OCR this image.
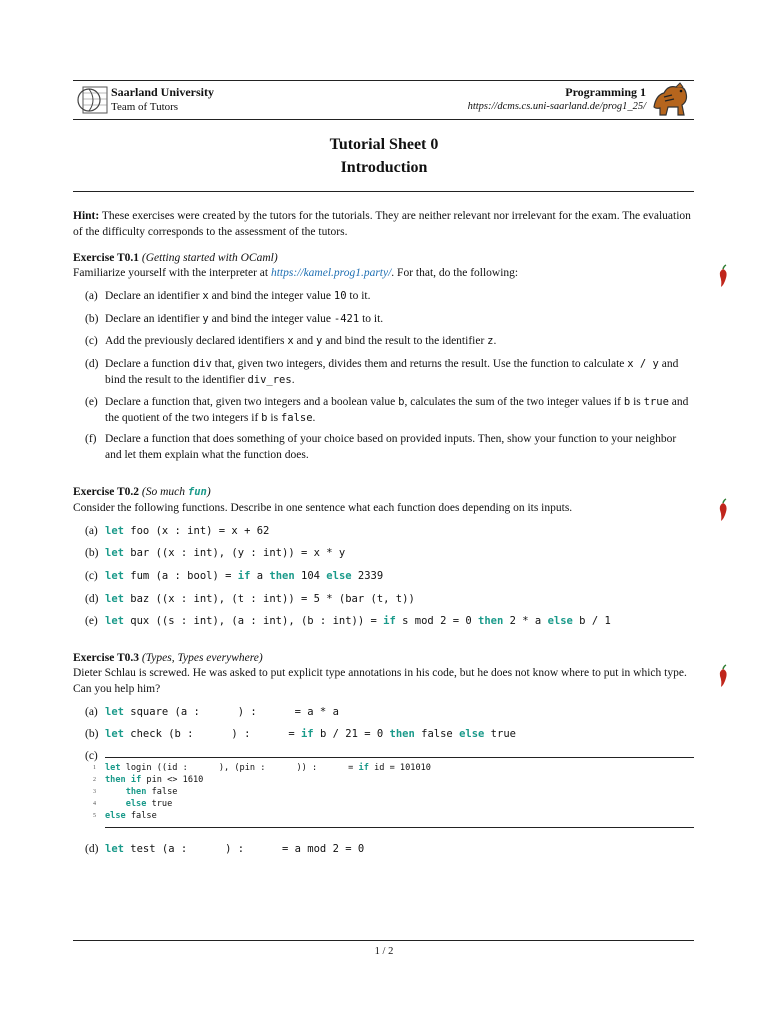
Saarland University
Team of Tutors
Programming 1
https://dcms.cs.uni-saarland.de/prog1_25/
Tutorial Sheet 0
Introduction
Hint: These exercises were created by the tutors for the tutorials. They are neither relevant nor irrelevant for the exam. The evaluation of the difficulty corresponds to the assessment of the tutors.
Exercise T0.1 (Getting started with OCaml)
Familiarize yourself with the interpreter at https://kamel.prog1.party/. For that, do the following:
(a) Declare an identifier x and bind the integer value 10 to it.
(b) Declare an identifier y and bind the integer value -421 to it.
(c) Add the previously declared identifiers x and y and bind the result to the identifier z.
(d) Declare a function div that, given two integers, divides them and returns the result. Use the function to calculate x / y and bind the result to the identifier div_res.
(e) Declare a function that, given two integers and a boolean value b, calculates the sum of the two integer values if b is true and the quotient of the two integers if b is false.
(f) Declare a function that does something of your choice based on provided inputs. Then, show your function to your neighbor and let them explain what the function does.
Exercise T0.2 (So much fun)
Consider the following functions. Describe in one sentence what each function does depending on its inputs.
(a) let foo (x : int) = x + 62
(b) let bar ((x : int), (y : int)) = x * y
(c) let fum (a : bool) = if a then 104 else 2339
(d) let baz ((x : int), (t : int)) = 5 * (bar (t, t))
(e) let qux ((s : int), (a : int), (b : int)) = if s mod 2 = 0 then 2 * a else b / 1
Exercise T0.3 (Types, Types everywhere)
Dieter Schlau is screwed. He was asked to put explicit type annotations in his code, but he does not know where to put in which type. Can you help him?
(a) let square (a :      ) :      = a * a
(b) let check (b :      ) :      = if b / 21 = 0 then false else true
(c)
1 let login ((id :      ), (pin :      )) :      = if id = 101010
2 then if pin <> 1610
3	then false
4	else true
5 else false
(d) let test (a :      ) :      = a mod 2 = 0
1 / 2
